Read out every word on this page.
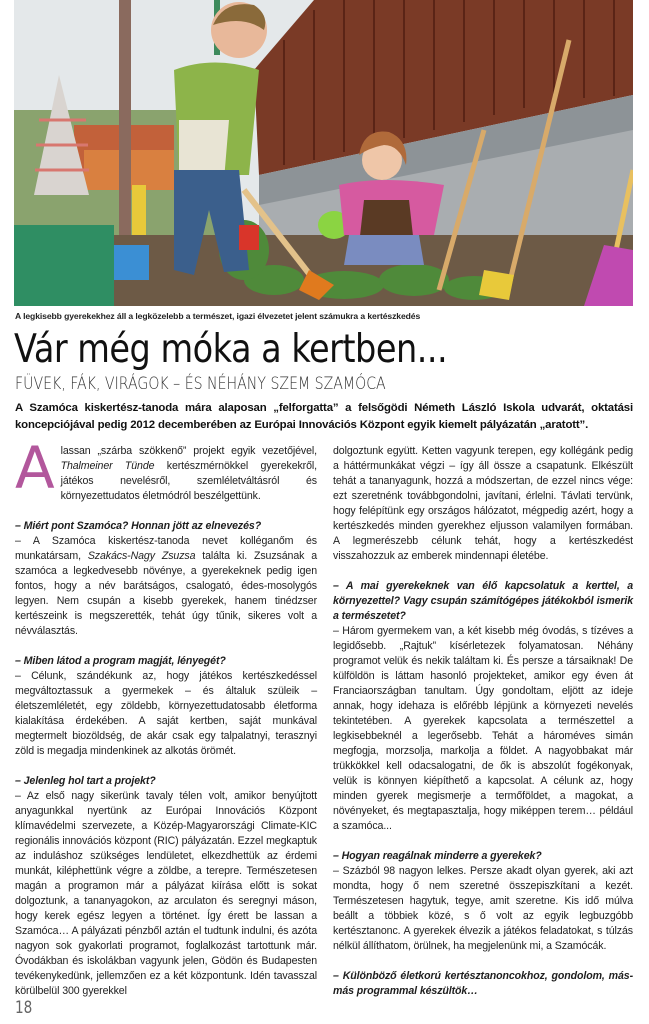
A legkisebb gyerekekhez áll a legközelebb a természet, igazi élvezetet jelent számukra a kertészkedés
Vár még móka a kertben...
FÜVEK, FÁK, VIRÁGOK – ÉS NÉHÁNY SZEM SZAMÓCA

A Szamóca kiskertész-tanoda mára alaposan „felforgatta” a felsőgödi Németh László Iskola udvarát, oktatási koncepciójával pedig 2012 decemberében az Európai Innovációs Központ egyik kiemelt pályázatán „aratott”.

Alassan „szárba szökkenő” projekt egyik vezetőjével, Thalmeiner Tünde kertészmérnökkel gyerekekről, játékos nevelésről, szemléletváltásról és környezettudatos életmódról beszélgettünk.

– Miért pont Szamóca? Honnan jött az elnevezés?

– A Szamóca kiskertész-tanoda nevet kolléganőm és munkatársam, Szakács-Nagy Zsuzsa találta ki. Zsuzsának a szamóca a legkedvesebb növénye, a gyerekeknek pedig igen fontos, hogy a név barátságos, csalogató, édes-mosolygós legyen. Nem csupán a kisebb gyerekek, hanem tinédzser kertészeink is megszerették, tehát úgy tűnik, sikeres volt a névválasztás.

– Miben látod a program magját, lényegét?

– Célunk, szándékunk az, hogy játékos kertészkedéssel megváltoztassuk a gyermekek – és általuk szüleik – életszemléletét, egy zöldebb, környezettudatosabb életforma kialakítása érdekében. A saját kertben, saját munkával megtermelt biozöldség, de akár csak egy talpalatnyi, terasznyi zöld is megadja mindenkinek az alkotás örömét.

– Jelenleg hol tart a projekt?

– Az első nagy sikerünk tavaly télen volt, amikor benyújtott anyagunkkal nyertünk az Európai Innovációs Központ klímavédelmi szervezete, a Közép-Magyarországi Climate-KIC regionális innovációs központ (RIC) pályázatán. Ezzel megkaptuk az induláshoz szükséges lendületet, elkezdhettük az érdemi munkát, kiléphettünk végre a zöldbe, a terepre. Természetesen magán a programon már a pályázat kiírása előtt is sokat dolgoztunk, a tananyagokon, az arculaton és seregnyi máson, hogy kerek egész legyen a történet. Így érett be lassan a Szamóca… A pályázati pénzből aztán el tudtunk indulni, és azóta nagyon sok gyakorlati programot, foglalkozást tartottunk már. Óvodákban és iskolákban vagyunk jelen, Gödön és Budapesten tevékenykedünk, jellemzően ez a két központunk. Idén tavasszal körülbelül 300 gyerekkel

dolgoztunk együtt. Ketten vagyunk terepen, egy kollégánk pedig a háttérmunkákat végzi – így áll össze a csapatunk. Elkészült tehát a tananyagunk, hozzá a módszertan, de ezzel nincs vége: ezt szeretnénk továbbgondolni, javítani, érlelni. Távlati tervünk, hogy felépítünk egy országos hálózatot, mégpedig azért, hogy a kertészkedés minden gyerekhez eljusson valamilyen formában. A legmerészebb célunk tehát, hogy a kertészkedést visszahozzuk az emberek mindennapi életébe.

– A mai gyerekeknek van élő kapcsolatuk a kerttel, a környezettel? Vagy csupán számítógépes játékokból ismerik a természetet?

– Három gyermekem van, a két kisebb még óvodás, s tízéves a legidősebb. „Rajtuk” kísérletezek folyamatosan. Néhány programot velük és nekik találtam ki. És persze a társaiknak! De külföldön is láttam hasonló projekteket, amikor egy éven át Franciaországban tanultam. Úgy gondoltam, eljött az ideje annak, hogy idehaza is előrébb lépjünk a környezeti nevelés tekintetében. A gyerekek kapcsolata a természettel a legkisebbeknél a legerősebb. Tehát a hároméves simán megfogja, morzsolja, markolja a földet. A nagyobbakat már trükkökkel kell odacsalogatni, de ők is abszolút fogékonyak, velük is könnyen kiépíthető a kapcsolat. A célunk az, hogy minden gyerek megismerje a termőföldet, a magokat, a növényeket, és megtapasztalja, hogy miképpen terem… például a szamóca...

– Hogyan reagálnak minderre a gyerekek?

– Százból 98 nagyon lelkes. Persze akadt olyan gyerek, aki azt mondta, hogy ő nem szeretné összepiszkítani a kezét. Természetesen hagytuk, tegye, amit szeretne. Kis idő múlva beállt a többiek közé, s ő volt az egyik legbuzgóbb kertésztanonc. A gyerekek élvezik a játékos feladatokat, s túlzás nélkül állíthatom, örülnek, ha megjelenünk mi, a Szamócák.

– Különböző életkorú kertésztanoncokhoz, gondolom, más-más programmal készültök…

18
